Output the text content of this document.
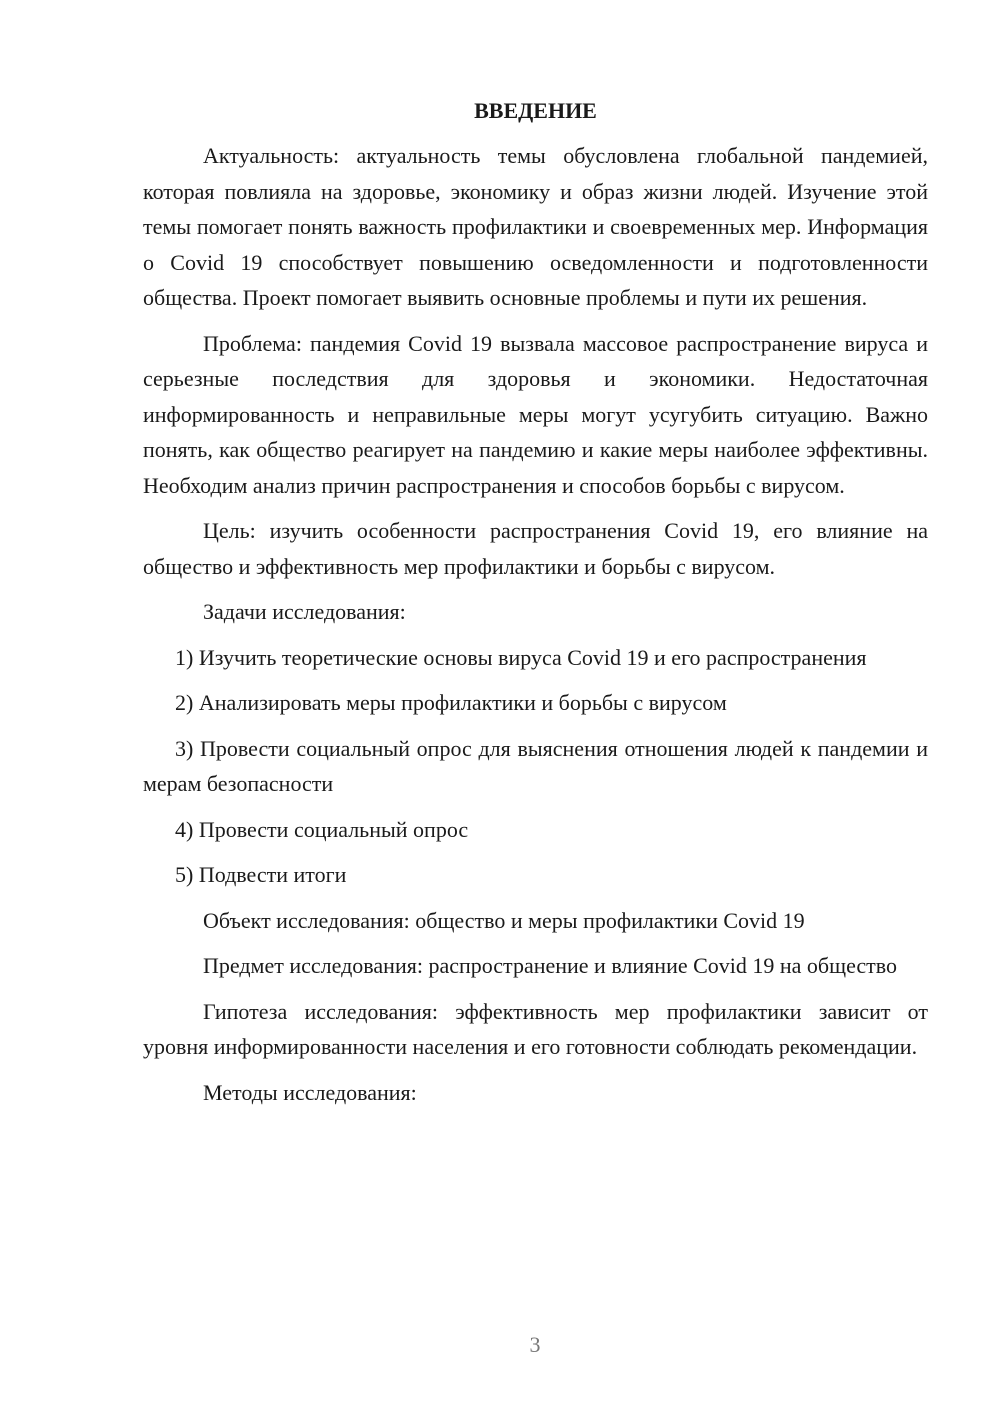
ВВЕДЕНИЕ

Актуальность: актуальность темы обусловлена глобальной пандемией, которая повлияла на здоровье, экономику и образ жизни людей. Изучение этой темы помогает понять важность профилактики и своевременных мер. Информация о Covid 19 способствует повышению осведомленности и подготовленности общества. Проект помогает выявить основные проблемы и пути их решения.

Проблема: пандемия Covid 19 вызвала массовое распространение вируса и серьезные последствия для здоровья и экономики. Недостаточная информированность и неправильные меры могут усугубить ситуацию. Важно понять, как общество реагирует на пандемию и какие меры наиболее эффективны. Необходим анализ причин распространения и способов борьбы с вирусом.

Цель: изучить особенности распространения Covid 19, его влияние на общество и эффективность мер профилактики и борьбы с вирусом.

Задачи исследования:

1) Изучить теоретические основы вируса Covid 19 и его распространения

2) Анализировать меры профилактики и борьбы с вирусом

3) Провести социальный опрос для выяснения отношения людей к пандемии и мерам безопасности

4) Провести социальный опрос

5) Подвести итоги

Объект исследования: общество и меры профилактики Covid 19

Предмет исследования: распространение и влияние Covid 19 на общество

Гипотеза исследования: эффективность мер профилактики зависит от уровня информированности населения и его готовности соблюдать рекомендации.

Методы исследования:

3
